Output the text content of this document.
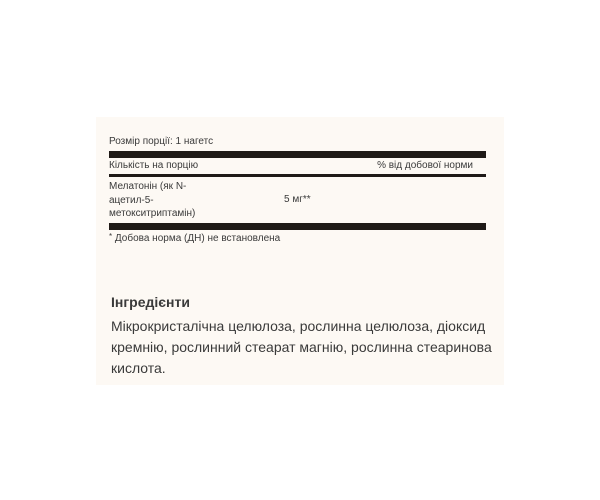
Розмір порції: 1 нагетс
Кількість на порцію	% від добової норми
Мелатонін (як N-ацетил-5-метокситриптамін)
5 мг**
* Добова норма (ДН) не встановлена
Інгредієнти
Мікрокристалічна целюлоза, рослинна целюлоза, діоксид кремнію, рослинний стеарат магнію, рослинна стеаринова кислота.
